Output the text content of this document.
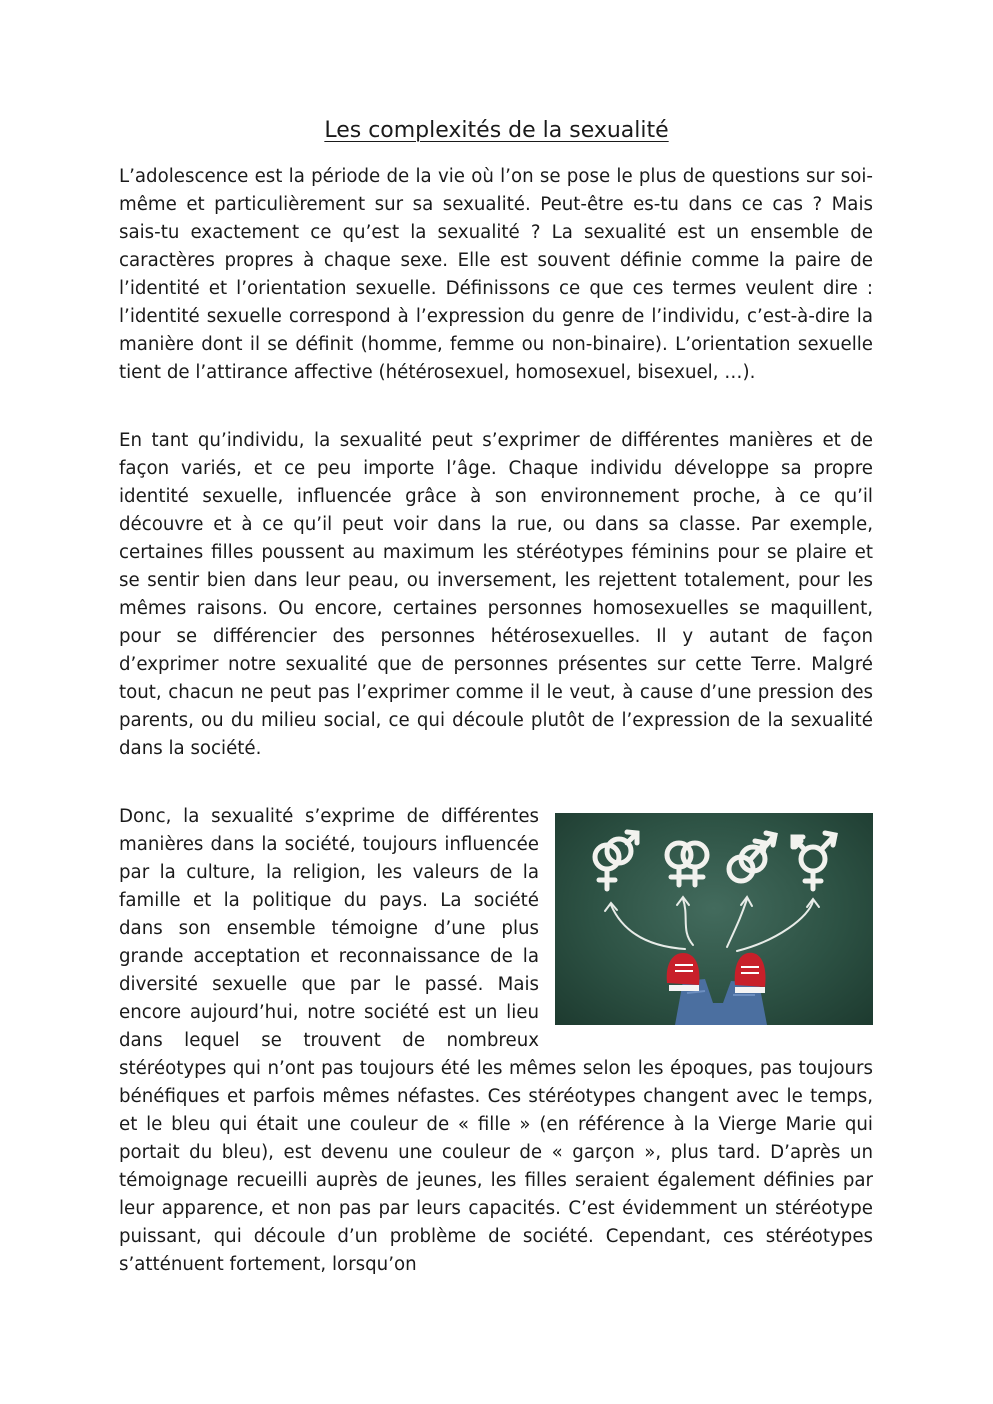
Les complexités de la sexualité

L’adolescence est la période de la vie où l’on se pose le plus de questions sur soi-même et particulièrement sur sa sexualité. Peut-être es-tu dans ce cas ? Mais sais-tu exactement ce qu’est la sexualité ? La sexualité est un ensemble de caractères propres à chaque sexe. Elle est souvent définie comme la paire de l’identité et l’orientation sexuelle. Définissons ce que ces termes veulent dire : l’identité sexuelle correspond à l’expression du genre de l’individu, c’est-à-dire la manière dont il se définit (homme, femme ou non-binaire). L’orientation sexuelle tient de l’attirance affective (hétérosexuel, homosexuel, bisexuel, …).

En tant qu’individu, la sexualité peut s’exprimer de différentes manières et de façon variés, et ce peu importe l’âge. Chaque individu développe sa propre identité sexuelle, influencée grâce à son environnement proche, à ce qu’il découvre et à ce qu’il peut voir dans la rue, ou dans sa classe. Par exemple, certaines filles poussent au maximum les stéréotypes féminins pour se plaire et se sentir bien dans leur peau, ou inversement, les rejettent totalement, pour les mêmes raisons. Ou encore, certaines personnes homosexuelles se maquillent, pour se différencier des personnes hétérosexuelles. Il y autant de façon d’exprimer notre sexualité que de personnes présentes sur cette Terre. Malgré tout, chacun ne peut pas l’exprimer comme il le veut, à cause d’une pression des parents, ou du milieu social, ce qui découle plutôt de l’expression de la sexualité dans la société.

Donc, la sexualité s’exprime de différentes manières dans la société, toujours influencée par la culture, la religion, les valeurs de la famille et la politique du pays. La société dans son ensemble témoigne d’une plus grande acceptation et reconnaissance de la diversité sexuelle que par le passé. Mais encore aujourd’hui, notre société est un lieu dans lequel se trouvent de nombreux stéréotypes qui n’ont pas toujours été les mêmes selon les époques, pas toujours bénéfiques et parfois mêmes néfastes. Ces stéréotypes changent avec le temps, et le bleu qui était une couleur de « fille » (en référence à la Vierge Marie qui portait du bleu), est devenu une couleur de « garçon », plus tard. D’après un témoignage recueilli auprès de jeunes, les filles seraient également définies par leur apparence, et non pas par leurs capacités. C’est évidemment un stéréotype puissant, qui découle d’un problème de société. Cependant, ces stéréotypes s’atténuent fortement, lorsqu’on
